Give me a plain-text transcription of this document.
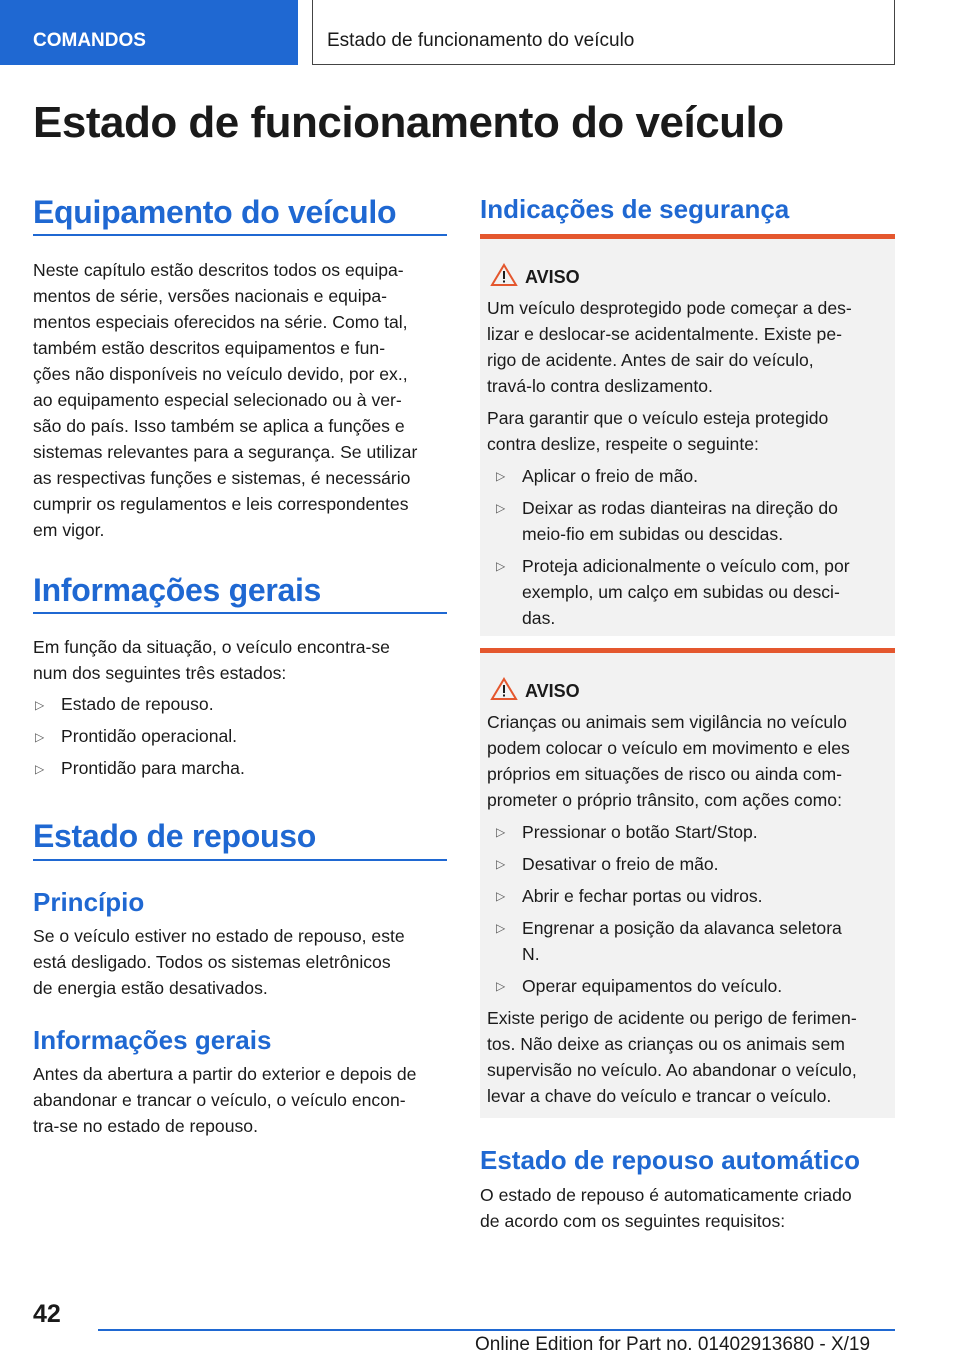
COMANDOS	Estado de funcionamento do veículo
Estado de funcionamento do veículo
Equipamento do veículo
Neste capítulo estão descritos todos os equipa-
mentos de série, versões nacionais e equipa-
mentos especiais oferecidos na série. Como tal,
também estão descritos equipamentos e fun-
ções não disponíveis no veículo devido, por ex.,
ao equipamento especial selecionado ou à ver-
são do país. Isso também se aplica a funções e
sistemas relevantes para a segurança. Se utilizar
as respectivas funções e sistemas, é necessário
cumprir os regulamentos e leis correspondentes
em vigor.
Informações gerais
Em função da situação, o veículo encontra-se
num dos seguintes três estados:
▷ Estado de repouso.
▷ Prontidão operacional.
▷ Prontidão para marcha.
Estado de repouso
Princípio
Se o veículo estiver no estado de repouso, este
está desligado. Todos os sistemas eletrônicos
de energia estão desativados.
Informações gerais
Antes da abertura a partir do exterior e depois de
abandonar e trancar o veículo, o veículo encon-
tra-se no estado de repouso.
Indicações de segurança
AVISO
Um veículo desprotegido pode começar a des-
lizar e deslocar-se acidentalmente. Existe pe-
rigo de acidente. Antes de sair do veículo,
travá-lo contra deslizamento.
Para garantir que o veículo esteja protegido
contra deslize, respeite o seguinte:
▷ Aplicar o freio de mão.
▷ Deixar as rodas dianteiras na direção do
meio-fio em subidas ou descidas.
▷ Proteja adicionalmente o veículo com, por
exemplo, um calço em subidas ou desci-
das.
AVISO
Crianças ou animais sem vigilância no veículo
podem colocar o veículo em movimento e eles
próprios em situações de risco ou ainda com-
prometer o próprio trânsito, com ações como:
▷ Pressionar o botão Start/Stop.
▷ Desativar o freio de mão.
▷ Abrir e fechar portas ou vidros.
▷ Engrenar a posição da alavanca seletora
N.
▷ Operar equipamentos do veículo.
Existe perigo de acidente ou perigo de ferimen-
tos. Não deixe as crianças ou os animais sem
supervisão no veículo. Ao abandonar o veículo,
levar a chave do veículo e trancar o veículo.
Estado de repouso automático
O estado de repouso é automaticamente criado
de acordo com os seguintes requisitos:
42
Online Edition for Part no. 01402913680 - X/19
